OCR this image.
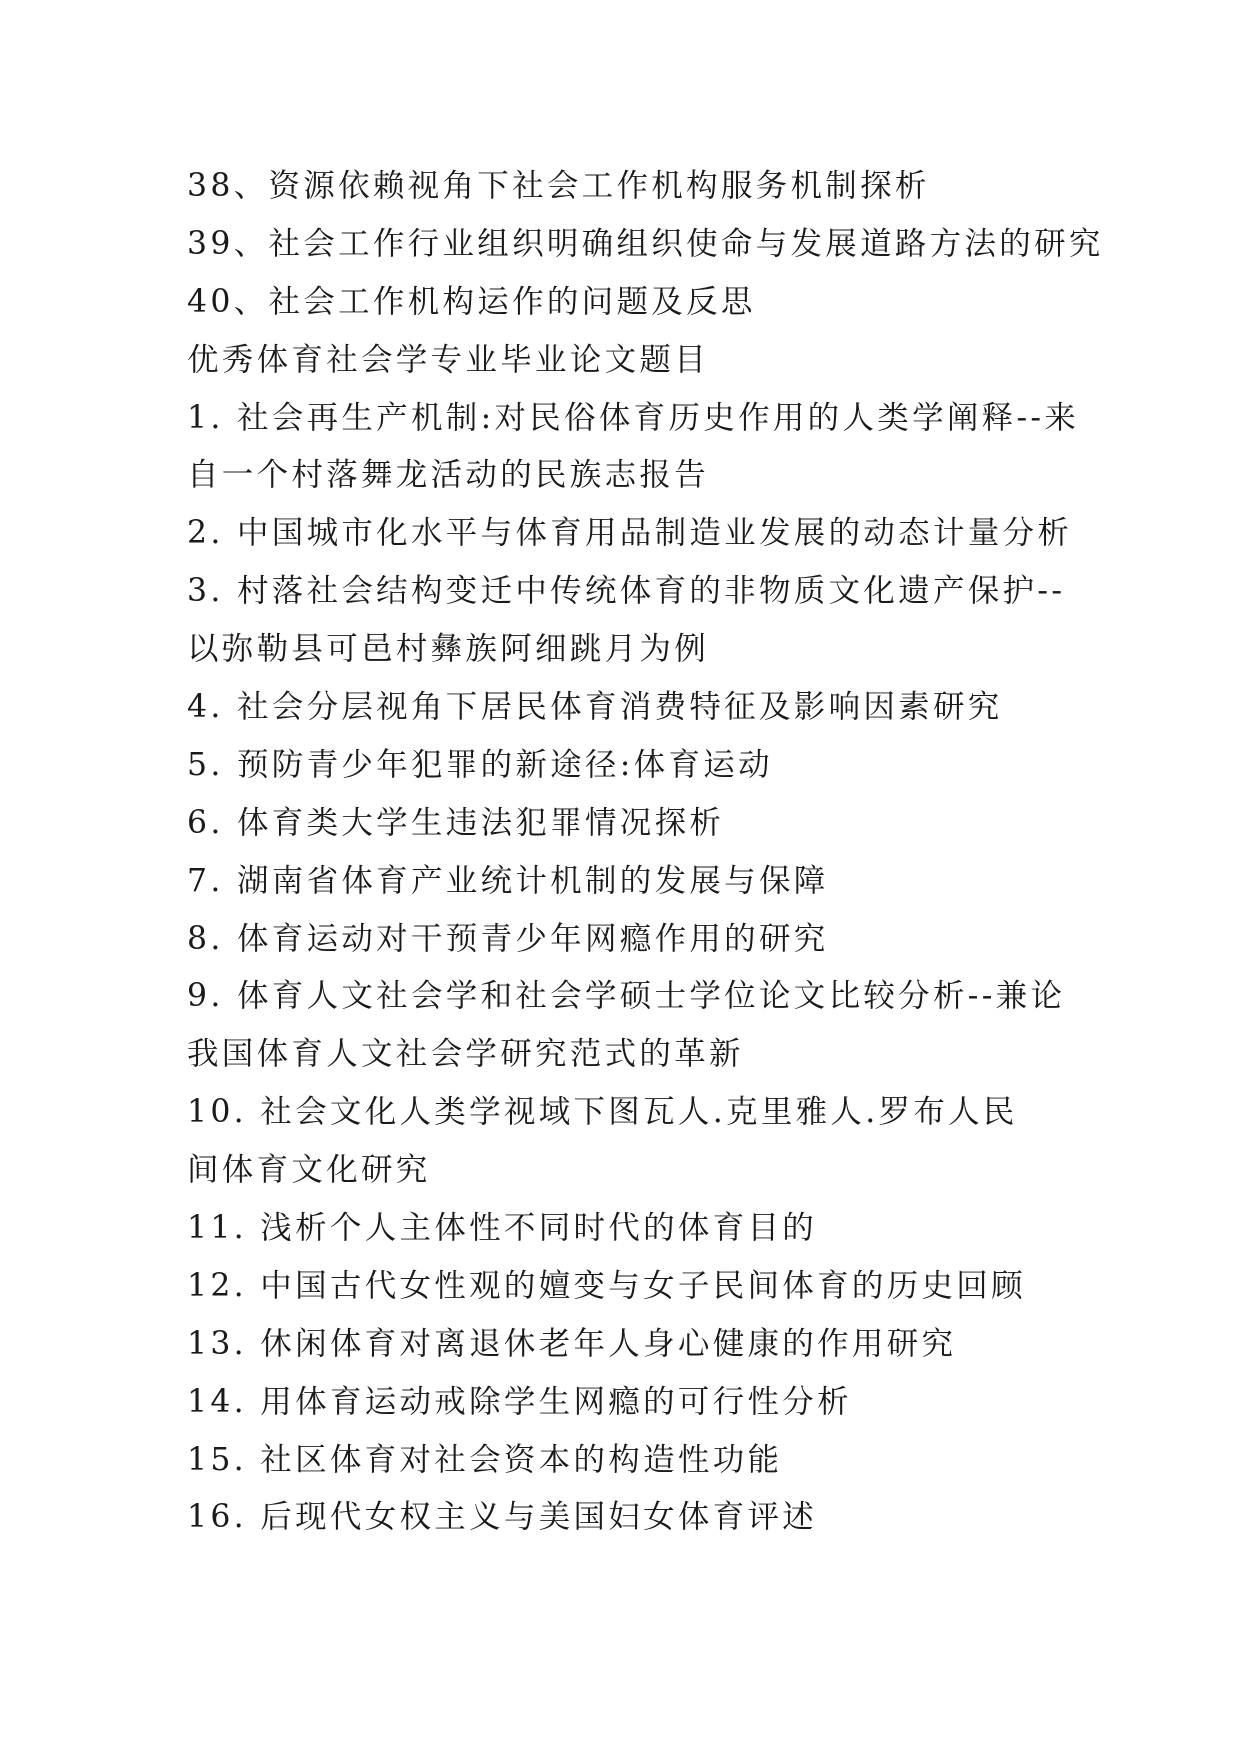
38、资源依赖视角下社会工作机构服务机制探析
39、社会工作行业组织明确组织使命与发展道路方法的研究
40、社会工作机构运作的问题及反思
优秀体育社会学专业毕业论文题目
1. 社会再生产机制:对民俗体育历史作用的人类学阐释--来
自一个村落舞龙活动的民族志报告
2. 中国城市化水平与体育用品制造业发展的动态计量分析
3. 村落社会结构变迁中传统体育的非物质文化遗产保护--
以弥勒县可邑村彝族阿细跳月为例
4. 社会分层视角下居民体育消费特征及影响因素研究
5. 预防青少年犯罪的新途径:体育运动
6. 体育类大学生违法犯罪情况探析
7. 湖南省体育产业统计机制的发展与保障
8. 体育运动对干预青少年网瘾作用的研究
9. 体育人文社会学和社会学硕士学位论文比较分析--兼论
我国体育人文社会学研究范式的革新
10. 社会文化人类学视域下图瓦人.克里雅人.罗布人民
间体育文化研究
11. 浅析个人主体性不同时代的体育目的
12. 中国古代女性观的嬗变与女子民间体育的历史回顾
13. 休闲体育对离退休老年人身心健康的作用研究
14. 用体育运动戒除学生网瘾的可行性分析
15. 社区体育对社会资本的构造性功能
16. 后现代女权主义与美国妇女体育评述
